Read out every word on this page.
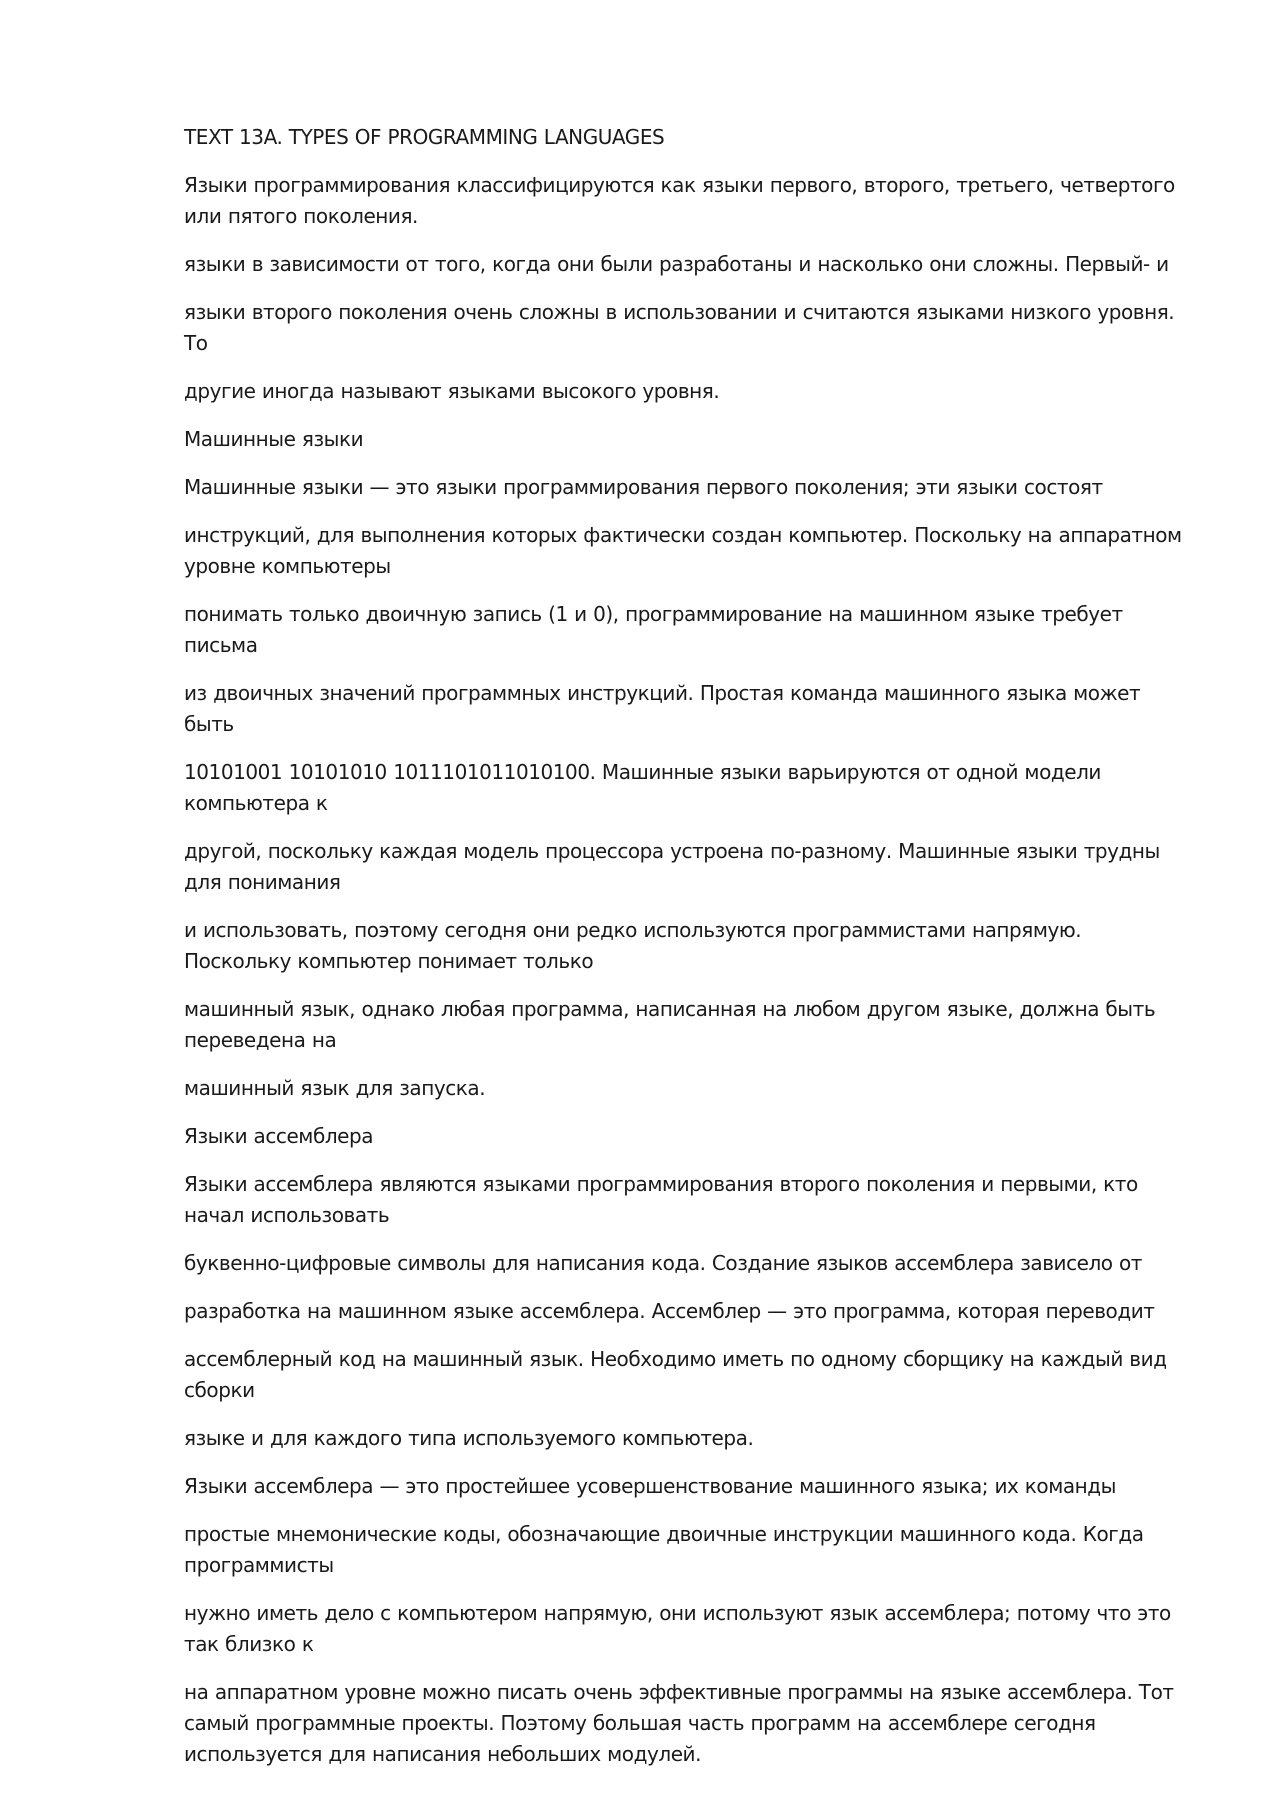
TEXT 13A. TYPES OF PROGRAMMING LANGUAGES

Языки программирования классифицируются как языки первого, второго, третьего, четвертого или пятого поколения.

языки в зависимости от того, когда они были разработаны и насколько они сложны. Первый- и

языки второго поколения очень сложны в использовании и считаются языками низкого уровня. То

другие иногда называют языками высокого уровня.

Машинные языки

Машинные языки — это языки программирования первого поколения; эти языки состоят

инструкций, для выполнения которых фактически создан компьютер. Поскольку на аппаратном уровне компьютеры

понимать только двоичную запись (1 и 0), программирование на машинном языке требует письма

из двоичных значений программных инструкций. Простая команда машинного языка может быть

10101001 10101010 1011101011010100. Машинные языки варьируются от одной модели компьютера к

другой, поскольку каждая модель процессора устроена по-разному. Машинные языки трудны для понимания

и использовать, поэтому сегодня они редко используются программистами напрямую. Поскольку компьютер понимает только

машинный язык, однако любая программа, написанная на любом другом языке, должна быть переведена на

машинный язык для запуска.

Языки ассемблера

Языки ассемблера являются языками программирования второго поколения и первыми, кто начал использовать

буквенно-цифровые символы для написания кода. Создание языков ассемблера зависело от

разработка на машинном языке ассемблера. Ассемблер — это программа, которая переводит

ассемблерный код на машинный язык. Необходимо иметь по одному сборщику на каждый вид сборки

языке и для каждого типа используемого компьютера.

Языки ассемблера — это простейшее усовершенствование машинного языка; их команды

простые мнемонические коды, обозначающие двоичные инструкции машинного кода. Когда программисты

нужно иметь дело с компьютером напрямую, они используют язык ассемблера; потому что это так близко к

на аппаратном уровне можно писать очень эффективные программы на языке ассемблера. Тот самый программные проекты. Поэтому большая часть программ на ассемблере сегодня используется для написания небольших модулей.
